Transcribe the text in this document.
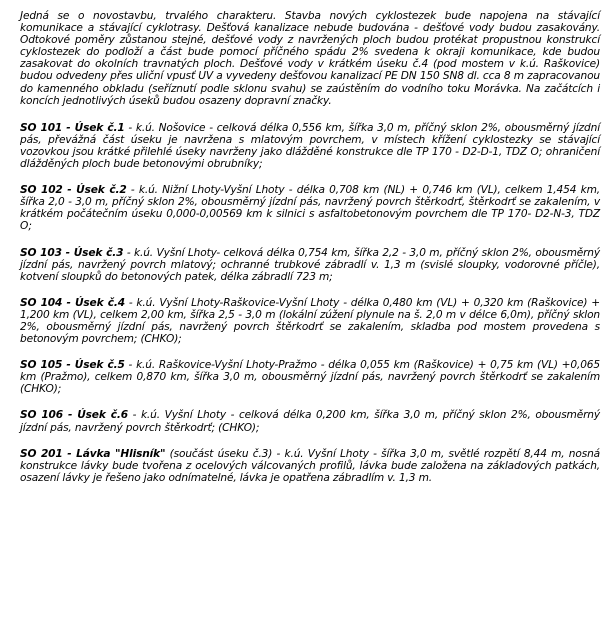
Jedná se o novostavbu, trvalého charakteru. Stavba nových cyklostezek bude napojena na stávající komunikace a stávající cyklotrasy. Dešťová kanalizace nebude budována - dešťové vody budou zasakovány. Odtokové poměry zůstanou stejné, dešťové vody z navržených ploch budou protékat propustnou konstrukcí cyklostezek do podloží a část bude pomocí příčného spádu 2% svedena k okraji komunikace, kde budou zasakovat do okolních travnatých ploch. Dešťové vody v krátkém úseku č.4 (pod mostem v k.ú. Raškovice) budou odvedeny přes uliční vpusť UV a vyvedeny dešťovou kanalizací PE DN 150 SN8 dl. cca 8 m zapracovanou do kamenného obkladu (seříznutí podle sklonu svahu) se zaústěním do vodního toku Morávka. Na začátcích i koncích jednotlivých úseků budou osazeny dopravní značky.

SO 101 - Úsek č.1 - k.ú. Nošovice - celková délka 0,556 km, šířka 3,0 m, příčný sklon 2%, obousměrný jízdní pás, převážná část úseku je navržena s mlatovým povrchem, v místech křížení cyklostezky se stávající vozovkou jsou krátké přilehlé úseky navrženy jako dlážděné konstrukce dle TP 170 - D2-D-1, TDZ O; ohraničení dlážděných ploch bude betonovými obrubníky;

SO 102 - Úsek č.2 - k.ú. Nižní Lhoty-Vyšní Lhoty - délka 0,708 km (NL) + 0,746 km (VL), celkem 1,454 km, šířka 2,0 - 3,0 m, příčný sklon 2%, obousměrný jízdní pás, navržený povrch štěrkodrť, štěrkodrť se zakalením, v krátkém počátečním úseku 0,000-0,00569 km k silnici s asfaltobetonovým povrchem dle TP 170- D2-N-3, TDZ O;

SO 103 - Úsek č.3 - k.ú. Vyšní Lhoty- celková délka 0,754 km, šířka 2,2 - 3,0 m, příčný sklon 2%, obousměrný jízdní pás, navržený povrch mlatový; ochranné trubkové zábradlí v. 1,3 m (svislé sloupky, vodorovné příčle), kotvení sloupků do betonových patek, délka zábradlí 723 m;

SO 104 - Úsek č.4 - k.ú. Vyšní Lhoty-Raškovice-Vyšní Lhoty - délka 0,480 km (VL) + 0,320 km (Raškovice) + 1,200 km (VL), celkem 2,00 km, šířka 2,5 - 3,0 m (lokální zúžení plynule na š. 2,0 m v délce 6,0m), příčný sklon 2%, obousměrný jízdní pás, navržený povrch štěrkodrť se zakalením, skladba pod mostem provedena s betonovým povrchem; (CHKO);

SO 105 - Úsek č.5 - k.ú. Raškovice-Vyšní Lhoty-Pražmo - délka 0,055 km (Raškovice) + 0,75 km (VL) +0,065 km (Pražmo), celkem 0,870 km, šířka 3,0 m, obousměrný jízdní pás, navržený povrch štěrkodrť se zakalením (CHKO);

SO 106 - Úsek č.6 - k.ú. Vyšní Lhoty - celková délka 0,200 km, šířka 3,0 m, příčný sklon 2%, obousměrný jízdní pás, navržený povrch štěrkodrť; (CHKO);

SO 201 - Lávka "Hlisník" (součást úseku č.3) - k.ú. Vyšní Lhoty - šířka 3,0 m, světlé rozpětí 8,44 m, nosná konstrukce lávky bude tvořena z ocelových válcovaných profilů, lávka bude založena na základových patkách, osazení lávky je řešeno jako odnímatelné, lávka je opatřena zábradlím v. 1,3 m.
